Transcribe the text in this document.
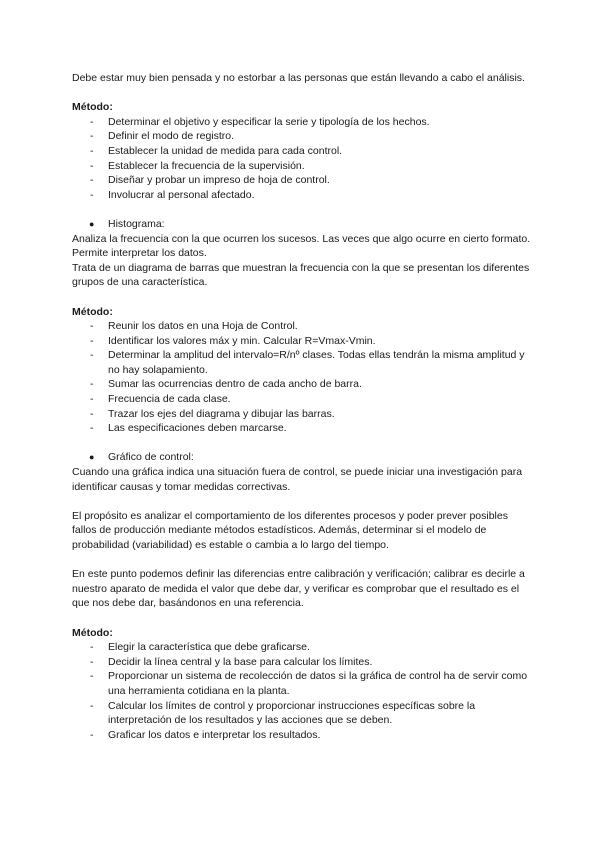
Debe estar muy bien pensada y no estorbar a las personas que están llevando a cabo el análisis.

Método:

- Determinar el objetivo y especificar la serie y tipología de los hechos.
- Definir el modo de registro.
- Establecer la unidad de medida para cada control.
- Establecer la frecuencia de la supervisión.
- Diseñar y probar un impreso de hoja de control.
- Involucrar al personal afectado.
● Histograma:

Analiza la frecuencia con la que ocurren los sucesos. Las veces que algo ocurre en cierto formato. Permite interpretar los datos.

Trata de un diagrama de barras que muestran la frecuencia con la que se presentan los diferentes grupos de una característica.

Método:

- Reunir los datos en una Hoja de Control.
- Identificar los valores máx y min. Calcular R=Vmax-Vmin.
- Determinar la amplitud del intervalo=R/nº clases. Todas ellas tendrán la misma amplitud y no hay solapamiento.
- Sumar las ocurrencias dentro de cada ancho de barra.
- Frecuencia de cada clase.
- Trazar los ejes del diagrama y dibujar las barras.
- Las especificaciones deben marcarse.
● Gráfico de control:

Cuando una gráfica indica una situación fuera de control, se puede iniciar una investigación para identificar causas y tomar medidas correctivas.

El propósito es analizar el comportamiento de los diferentes procesos y poder prever posibles fallos de producción mediante métodos estadísticos. Además, determinar si el modelo de probabilidad (variabilidad) es estable o cambia a lo largo del tiempo.

En este punto podemos definir las diferencias entre calibración y verificación; calibrar es decirle a nuestro aparato de medida el valor que debe dar, y verificar es comprobar que el resultado es el que nos debe dar, basándonos en una referencia.

Método:

- Elegir la característica que debe graficarse.
- Decidir la línea central y la base para calcular los límites.
- Proporcionar un sistema de recolección de datos si la gráfica de control ha de servir como una herramienta cotidiana en la planta.
- Calcular los límites de control y proporcionar instrucciones específicas sobre la interpretación de los resultados y las acciones que se deben.
- Graficar los datos e interpretar los resultados.
